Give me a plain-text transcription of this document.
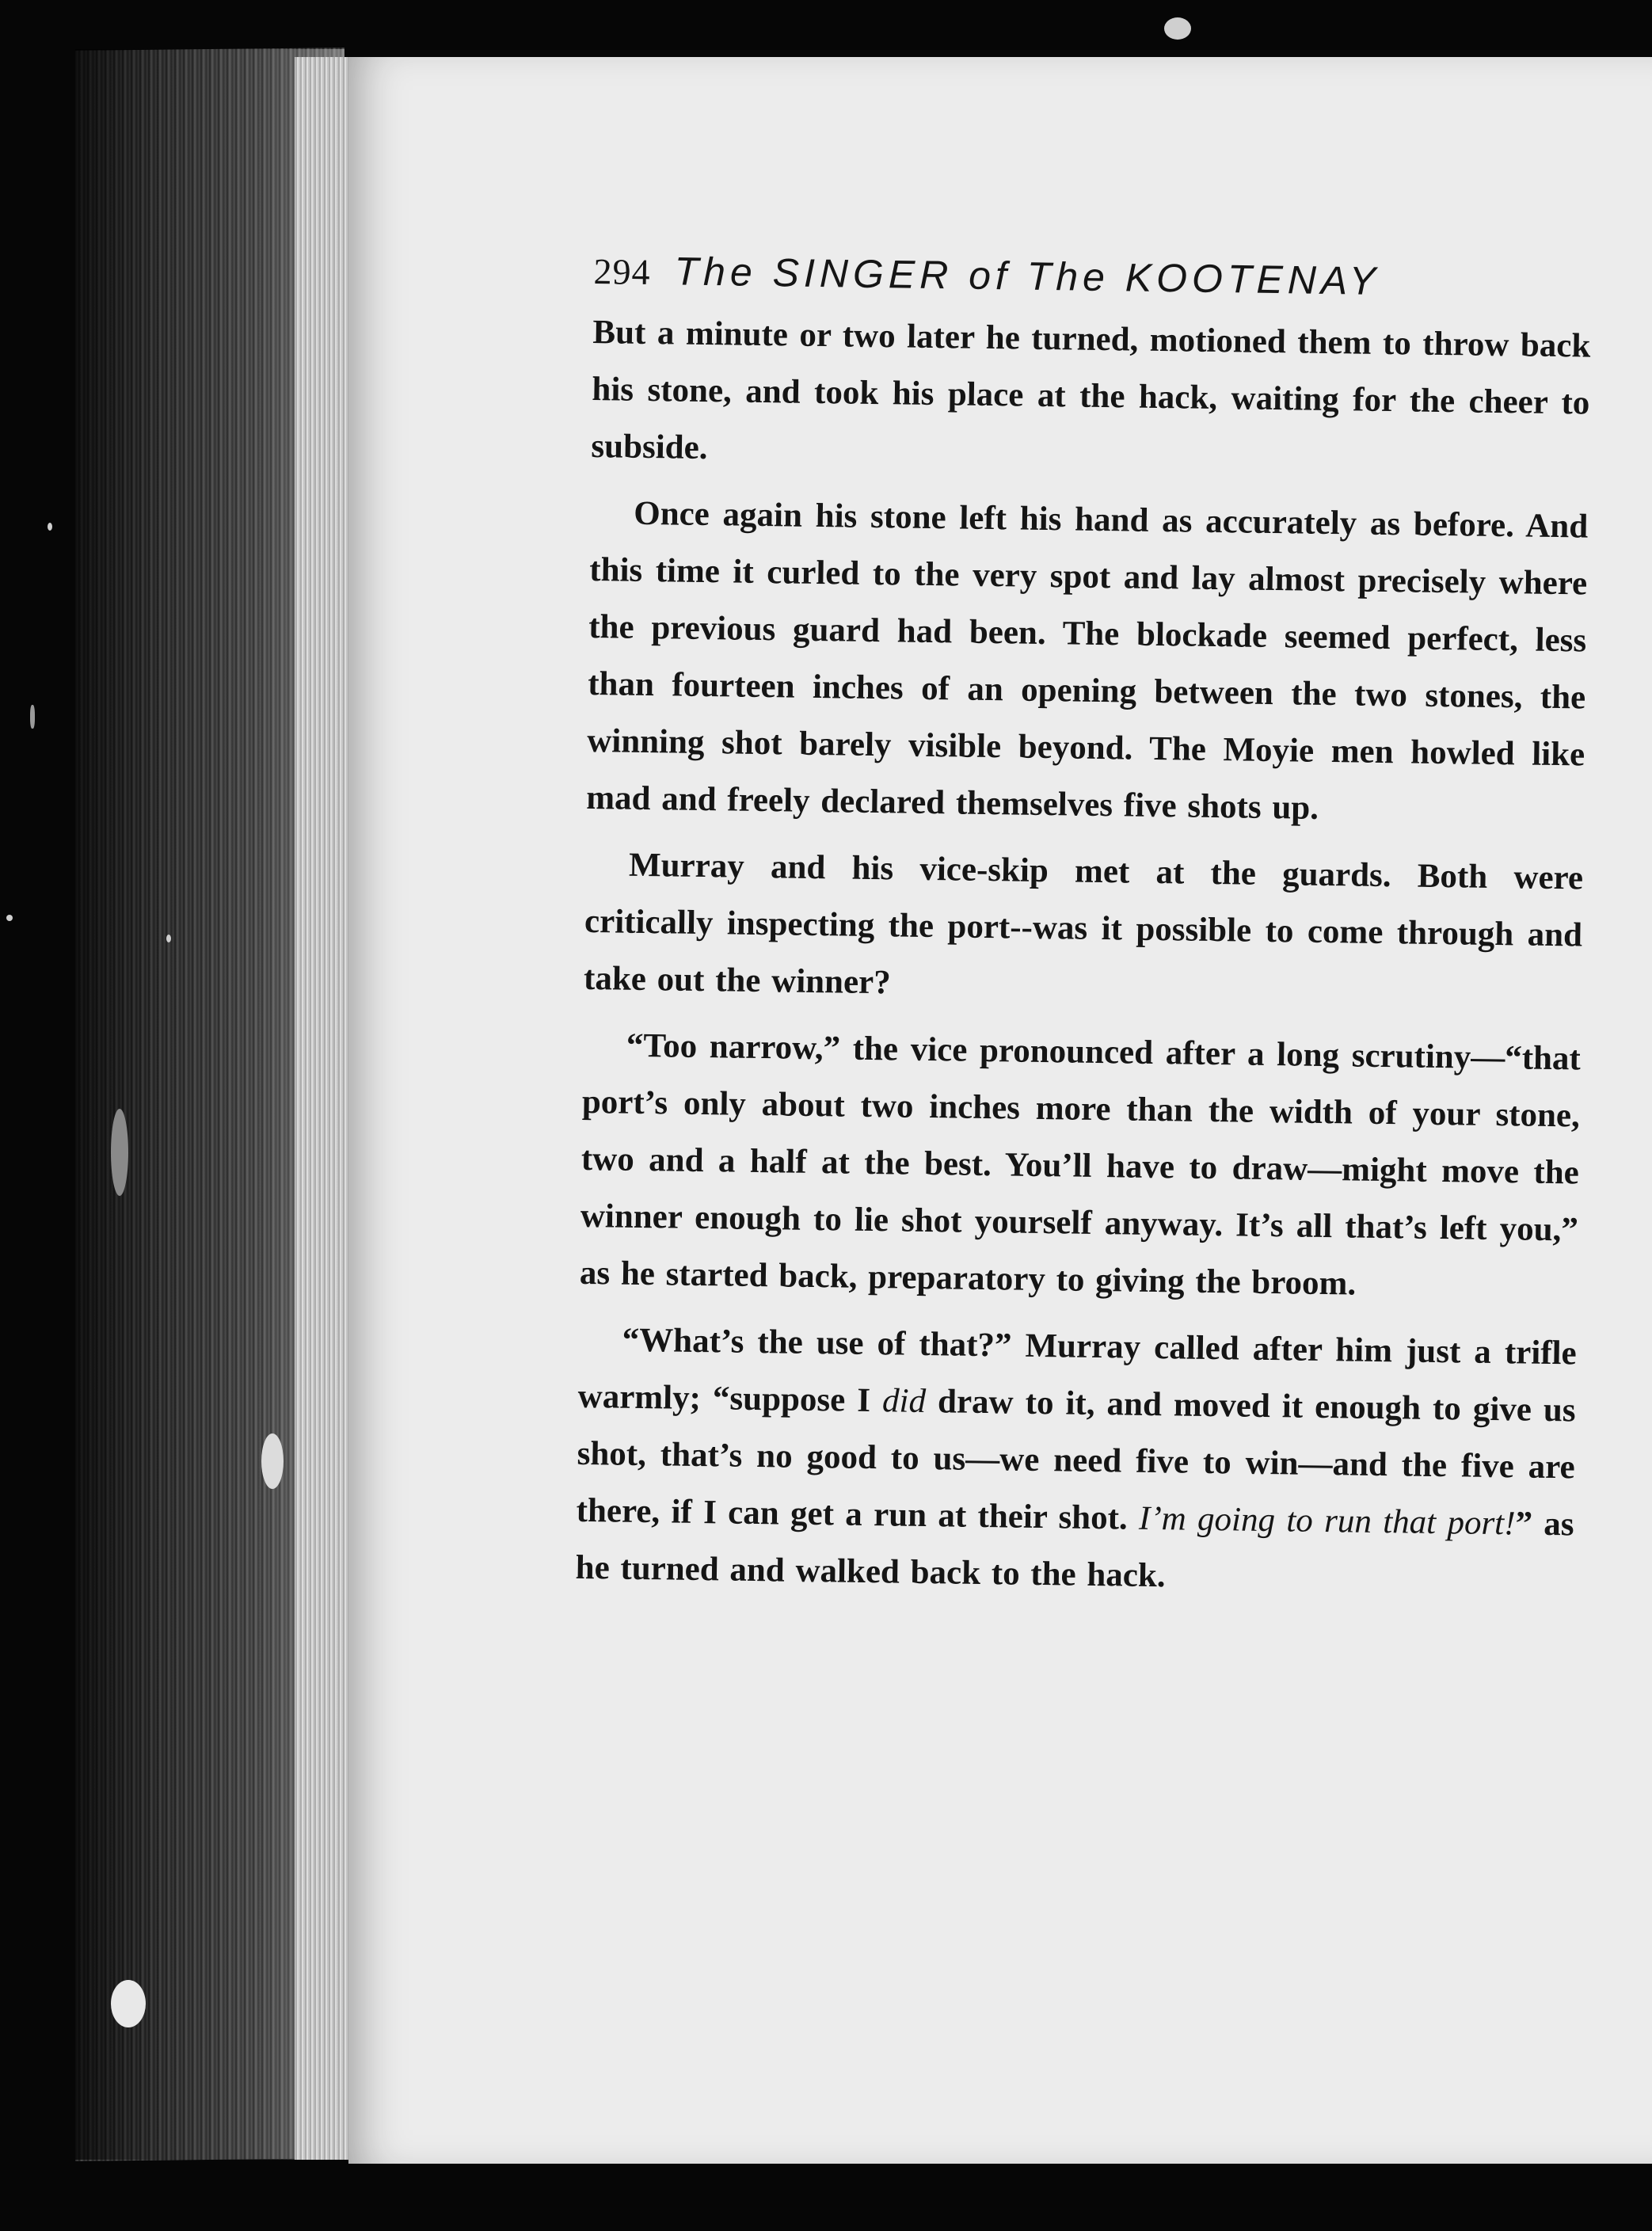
294 The SINGER of The KOOTENAY

But a minute or two later he turned, motioned them to throw back his stone, and took his place at the hack, waiting for the cheer to subside.

Once again his stone left his hand as accurately as before. And this time it curled to the very spot and lay almost precisely where the previous guard had been. The blockade seemed perfect, less than fourteen inches of an opening between the two stones, the winning shot barely visible beyond. The Moyie men howled like mad and freely declared themselves five shots up.

Murray and his vice-skip met at the guards. Both were critically inspecting the port--was it possible to come through and take out the winner?

“Too narrow,” the vice pronounced after a long scrutiny—“that port’s only about two inches more than the width of your stone, two and a half at the best. You’ll have to draw—might move the winner enough to lie shot yourself anyway. It’s all that’s left you,” as he started back, preparatory to giving the broom.

“What’s the use of that?” Murray called after him just a trifle warmly; “suppose I did draw to it, and moved it enough to give us shot, that’s no good to us—we need five to win—and the five are there, if I can get a run at their shot. I’m going to run that port!” as he turned and walked back to the hack.
